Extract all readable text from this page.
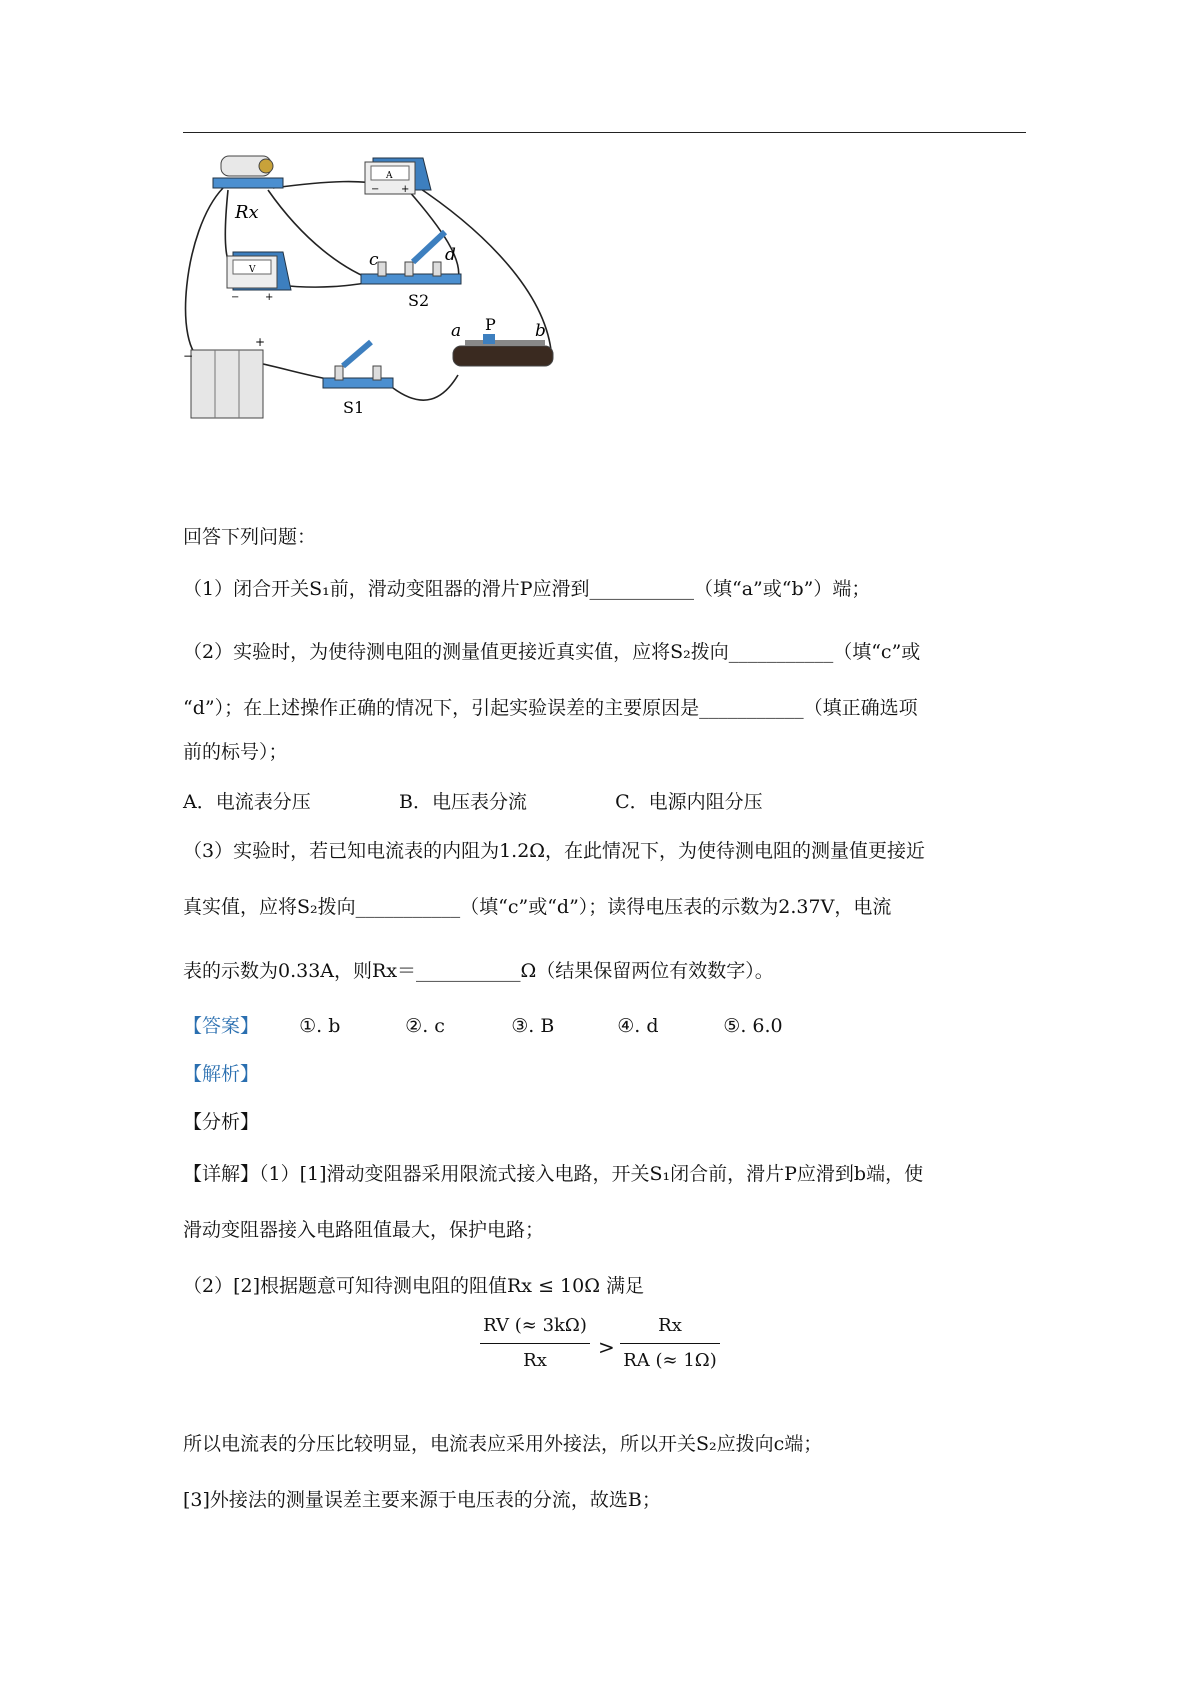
Rx
A
− +
V
−	+
c	d
S2
−
+
S1
a P b
回答下列问题：
（1）闭合开关S₁前，滑动变阻器的滑片P应滑到___________（填“a”或“b”）端；
（2）实验时，为使待测电阻的测量值更接近真实值，应将S₂拨向___________（填“c”或
“d”）；在上述操作正确的情况下，引起实验误差的主要原因是___________（填正确选项
前的标号）；
A．电流表分压	B．电压表分流	C．电源内阻分压
（3）实验时，若已知电流表的内阻为1.2Ω，在此情况下，为使待测电阻的测量值更接近
真实值，应将S₂拨向___________（填“c”或“d”）；读得电压表的示数为2.37V，电流
表的示数为0.33A，则Rx＝___________Ω（结果保留两位有效数字）。
【答案】 ①. b	②. c	③. B	④. d	⑤. 6.0
【解析】
【分析】
【详解】（1）[1]滑动变阻器采用限流式接入电路，开关S₁闭合前，滑片P应滑到b端，使
滑动变阻器接入电路阻值最大，保护电路；
（2）[2]根据题意可知待测电阻的阻值Rx ≤ 10Ω 满足
RV (≈ 3kΩ)
Rx
>
Rx
RA (≈ 1Ω)
所以电流表的分压比较明显，电流表应采用外接法，所以开关S₂应拨向c端；
[3]外接法的测量误差主要来源于电压表的分流，故选B；
